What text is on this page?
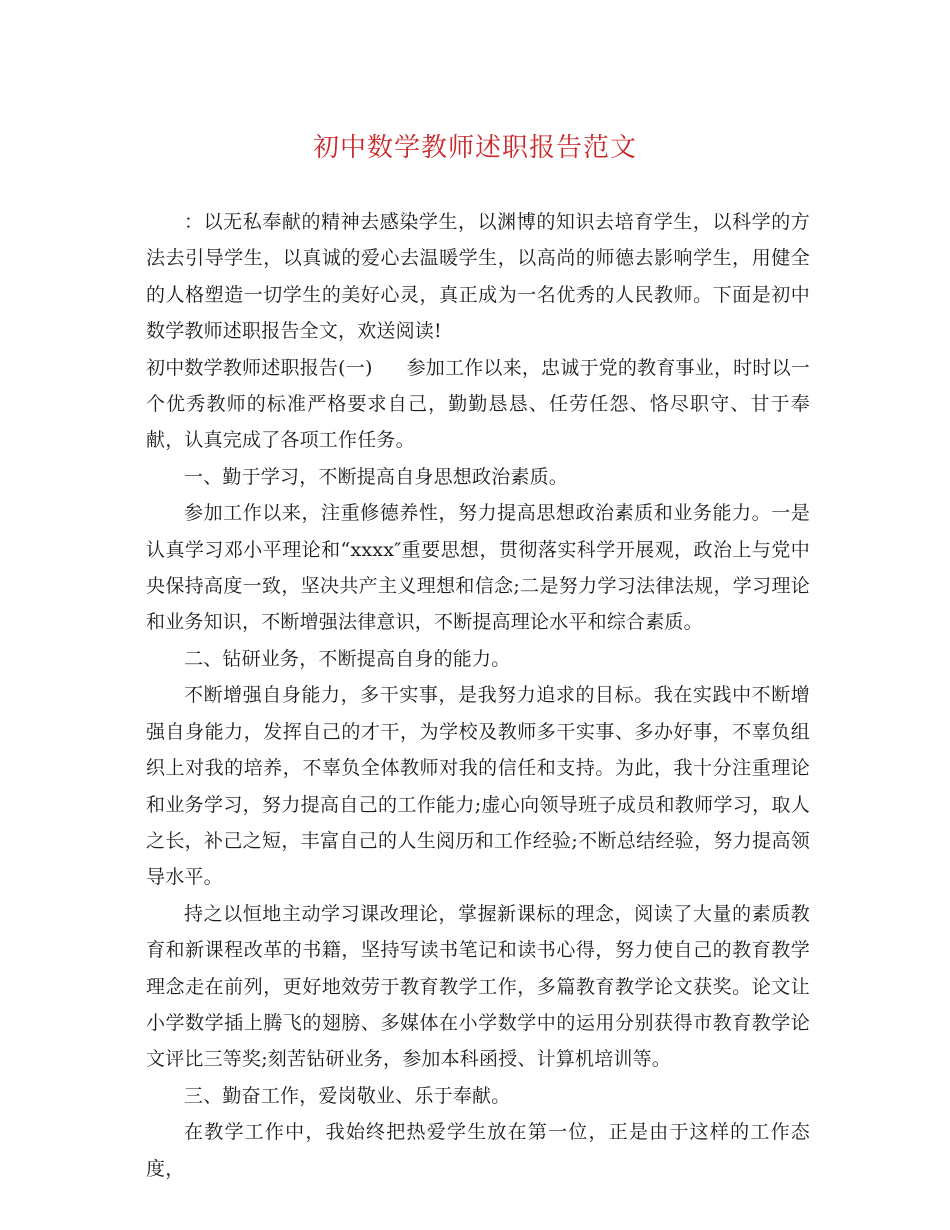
初中数学教师述职报告范文

：以无私奉献的精神去感染学生，以渊博的知识去培育学生，以科学的方法去引导学生，以真诚的爱心去温暖学生，以高尚的师德去影响学生，用健全的人格塑造一切学生的美好心灵，真正成为一名优秀的人民教师。下面是初中数学教师述职报告全文，欢送阅读!

初中数学教师述职报告(一) 参加工作以来，忠诚于党的教育事业，时时以一个优秀教师的标准严格要求自己，勤勤恳恳、任劳任怨、恪尽职守、甘于奉献，认真完成了各项工作任务。

一、勤于学习，不断提高自身思想政治素质。

参加工作以来，注重修德养性，努力提高思想政治素质和业务能力。一是认真学习邓小平理论和“xxxx″重要思想，贯彻落实科学开展观，政治上与党中央保持高度一致，坚决共产主义理想和信念;二是努力学习法律法规，学习理论和业务知识，不断增强法律意识，不断提高理论水平和综合素质。

二、钻研业务，不断提高自身的能力。

不断增强自身能力，多干实事，是我努力追求的目标。我在实践中不断增强自身能力，发挥自己的才干，为学校及教师多干实事、多办好事，不辜负组织上对我的培养，不辜负全体教师对我的信任和支持。为此，我十分注重理论和业务学习，努力提高自己的工作能力;虚心向领导班子成员和教师学习，取人之长，补己之短，丰富自己的人生阅历和工作经验;不断总结经验，努力提高领导水平。

持之以恒地主动学习课改理论，掌握新课标的理念，阅读了大量的素质教育和新课程改革的书籍，坚持写读书笔记和读书心得，努力使自己的教育教学理念走在前列，更好地效劳于教育教学工作，多篇教育教学论文获奖。论文让小学数学插上腾飞的翅膀、多媒体在小学数学中的运用分别获得市教育教学论文评比三等奖;刻苦钻研业务，参加本科函授、计算机培训等。

三、勤奋工作，爱岗敬业、乐于奉献。

在教学工作中，我始终把热爱学生放在第一位，正是由于这样的工作态度，
